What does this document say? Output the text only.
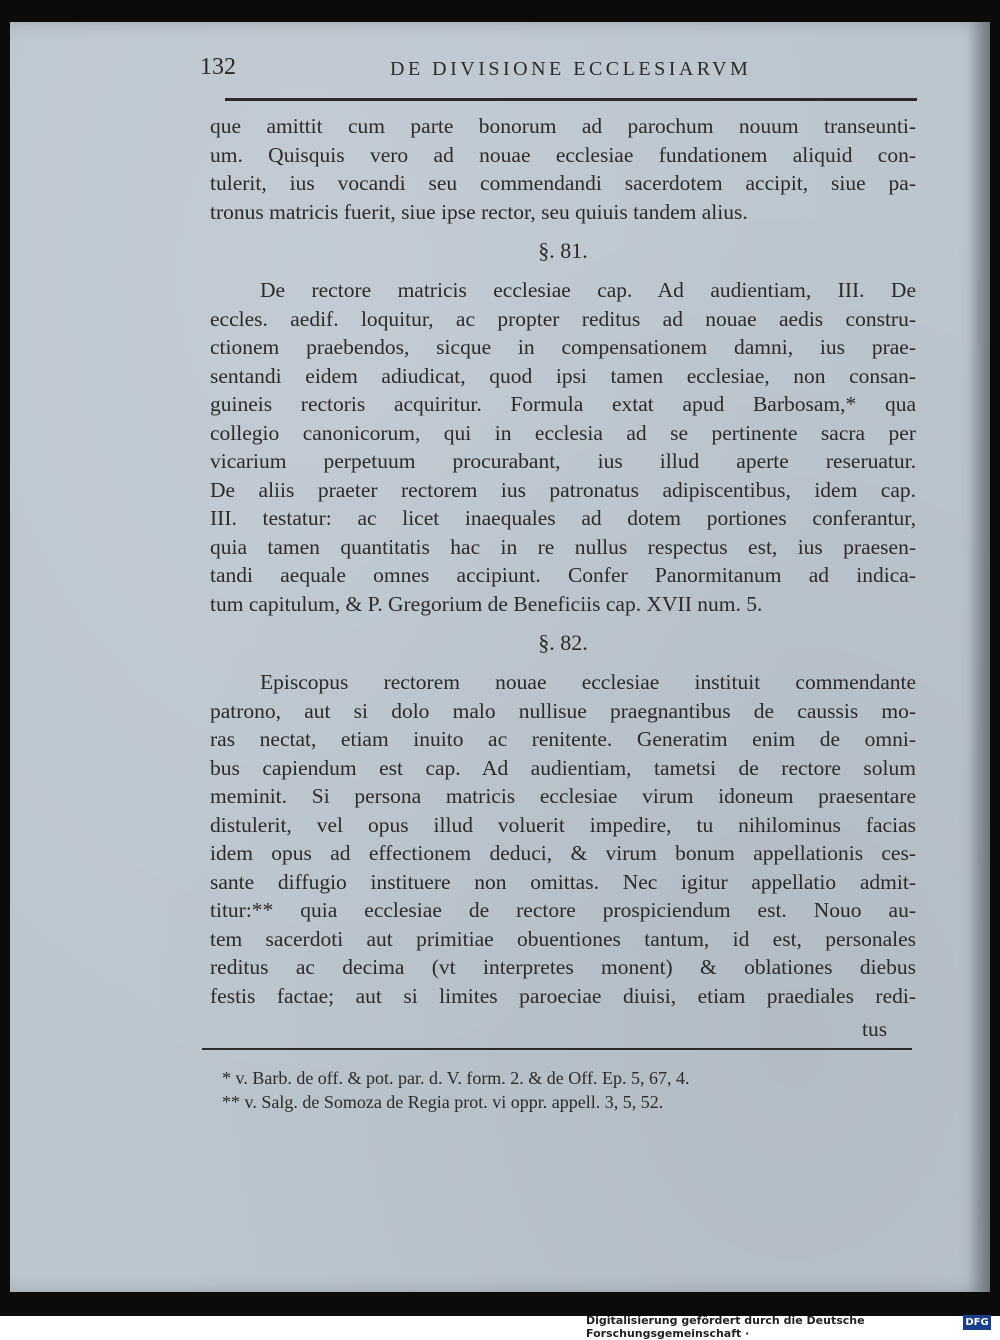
132	DE DIVISIONE ECCLESIARVM
que amittit cum parte bonorum ad parochum nouum transeunti-
um. Quisquis vero ad nouae ecclesiae fundationem aliquid con-
tulerit, ius vocandi seu commendandi sacerdotem accipit, siue pa-
tronus matricis fuerit, siue ipse rector, seu quiuis tandem alius.
§. 81.
De rectore matricis ecclesiae cap. Ad audientiam, III. De
eccles. aedif. loquitur, ac propter reditus ad nouae aedis constru-
ctionem praebendos, sicque in compensationem damni, ius prae-
sentandi eidem adiudicat, quod ipsi tamen ecclesiae, non consan-
guineis rectoris acquiritur. Formula extat apud Barbosam,* qua
collegio canonicorum, qui in ecclesia ad se pertinente sacra per
vicarium perpetuum procurabant, ius illud aperte reseruatur.
De aliis praeter rectorem ius patronatus adipiscentibus, idem cap.
III. testatur: ac licet inaequales ad dotem portiones conferantur,
quia tamen quantitatis hac in re nullus respectus est, ius praesen-
tandi aequale omnes accipiunt. Confer Panormitanum ad indica-
tum capitulum, & P. Gregorium de Beneficiis cap. XVII num. 5.
§. 82.
Episcopus rectorem nouae ecclesiae instituit commendante
patrono, aut si dolo malo nullisue praegnantibus de caussis mo-
ras nectat, etiam inuito ac renitente. Generatim enim de omni-
bus capiendum est cap. Ad audientiam, tametsi de rectore solum
meminit. Si persona matricis ecclesiae virum idoneum praesentare
distulerit, vel opus illud voluerit impedire, tu nihilominus facias
idem opus ad effectionem deduci, & virum bonum appellationis ces-
sante diffugio instituere non omittas. Nec igitur appellatio admit-
titur:** quia ecclesiae de rectore prospiciendum est. Nouo au-
tem sacerdoti aut primitiae obuentiones tantum, id est, personales
reditus ac decima (vt interpretes monent) & oblationes diebus
festis factae; aut si limites paroeciae diuisi, etiam praediales redi-
tus
* v. Barb. de off. & pot. par. d. V. form. 2. & de Off. Ep. 5, 67, 4.
** v. Salg. de Somoza de Regia prot. vi oppr. appell. 3, 5, 52.
Digitalisierung gefördert durch die Deutsche Forschungsgemeinschaft ·
DFG
